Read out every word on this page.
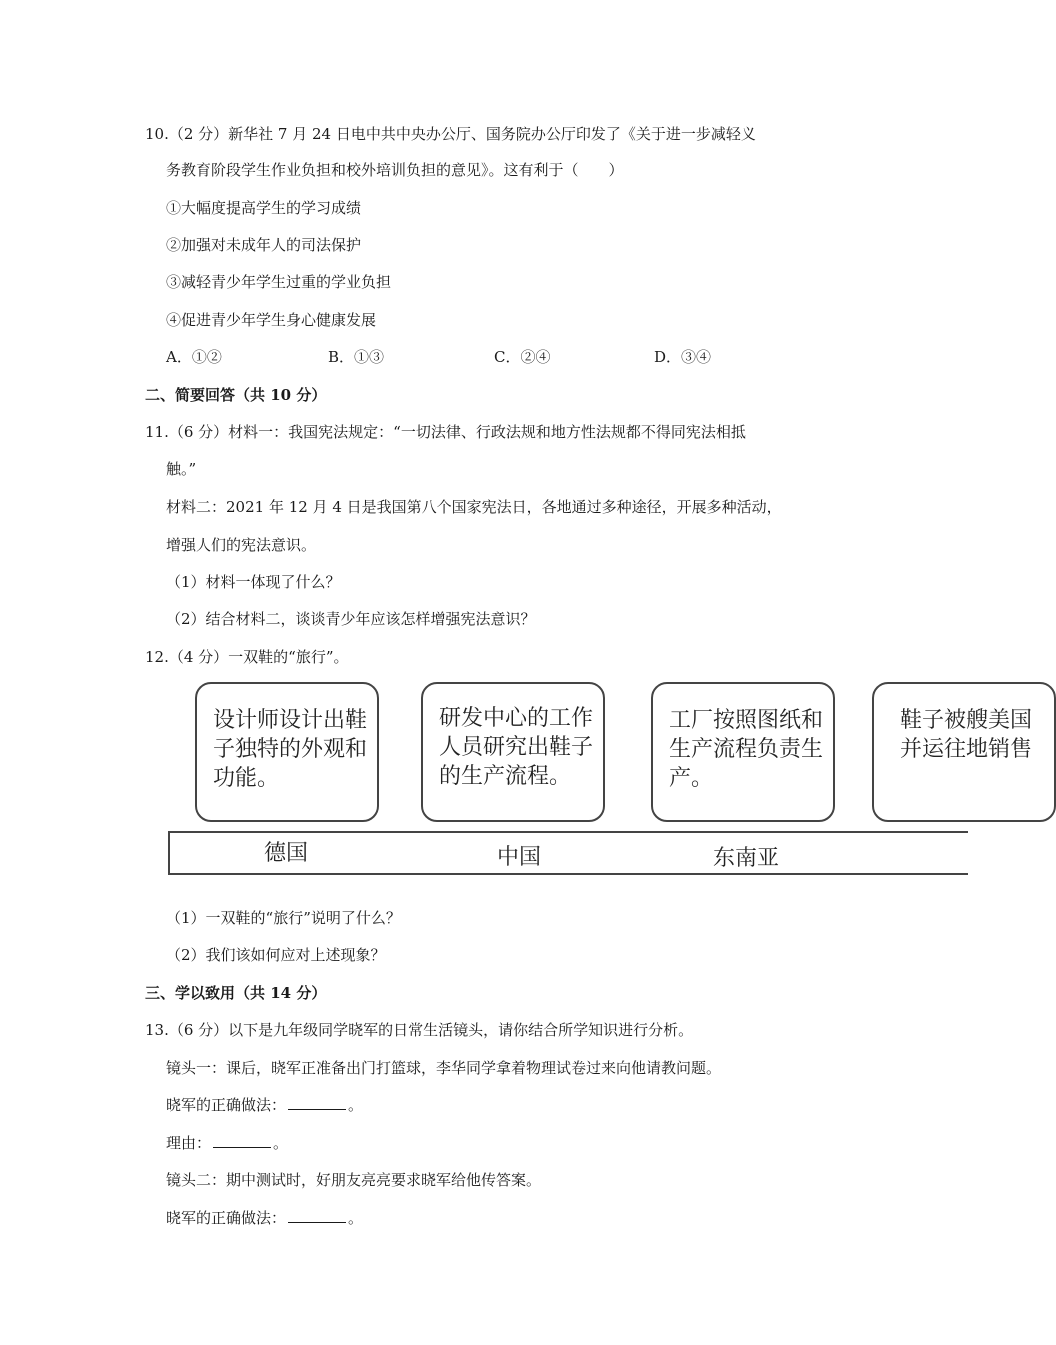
10.（2 分）新华社 7 月 24 日电中共中央办公厅、国务院办公厅印发了《关于进一步减轻义
务教育阶段学生作业负担和校外培训负担的意见》。这有利于（　　）
①大幅度提高学生的学习成绩
②加强对未成年人的司法保护
③减轻青少年学生过重的学业负担
④促进青少年学生身心健康发展
A．①②	B．①③	C．②④	D．③④
二、简要回答（共 10 分）
11.（6 分）材料一：我国宪法规定：“一切法律、行政法规和地方性法规都不得同宪法相抵
触。”
材料二：2021 年 12 月 4 日是我国第八个国家宪法日，各地通过多种途径，开展多种活动，
增强人们的宪法意识。
（1）材料一体现了什么？
（2）结合材料二，谈谈青少年应该怎样增强宪法意识？
12.（4 分）一双鞋的“旅行”。
设计师设计出鞋子独特的外观和功能。
研发中心的工作人员研究出鞋子的生产流程。
工厂按照图纸和生产流程负责生产。
鞋子被艘美国并运往地销售
德国	中国	东南亚
（1）一双鞋的“旅行”说明了什么？
（2）我们该如何应对上述现象？
三、学以致用（共 14 分）
13.（6 分）以下是九年级同学晓军的日常生活镜头，请你结合所学知识进行分析。
镜头一：课后，晓军正准备出门打篮球，李华同学拿着物理试卷过来向他请教问题。
晓军的正确做法：	。
理由：	。
镜头二：期中测试时，好朋友亮亮要求晓军给他传答案。
晓军的正确做法：	。
